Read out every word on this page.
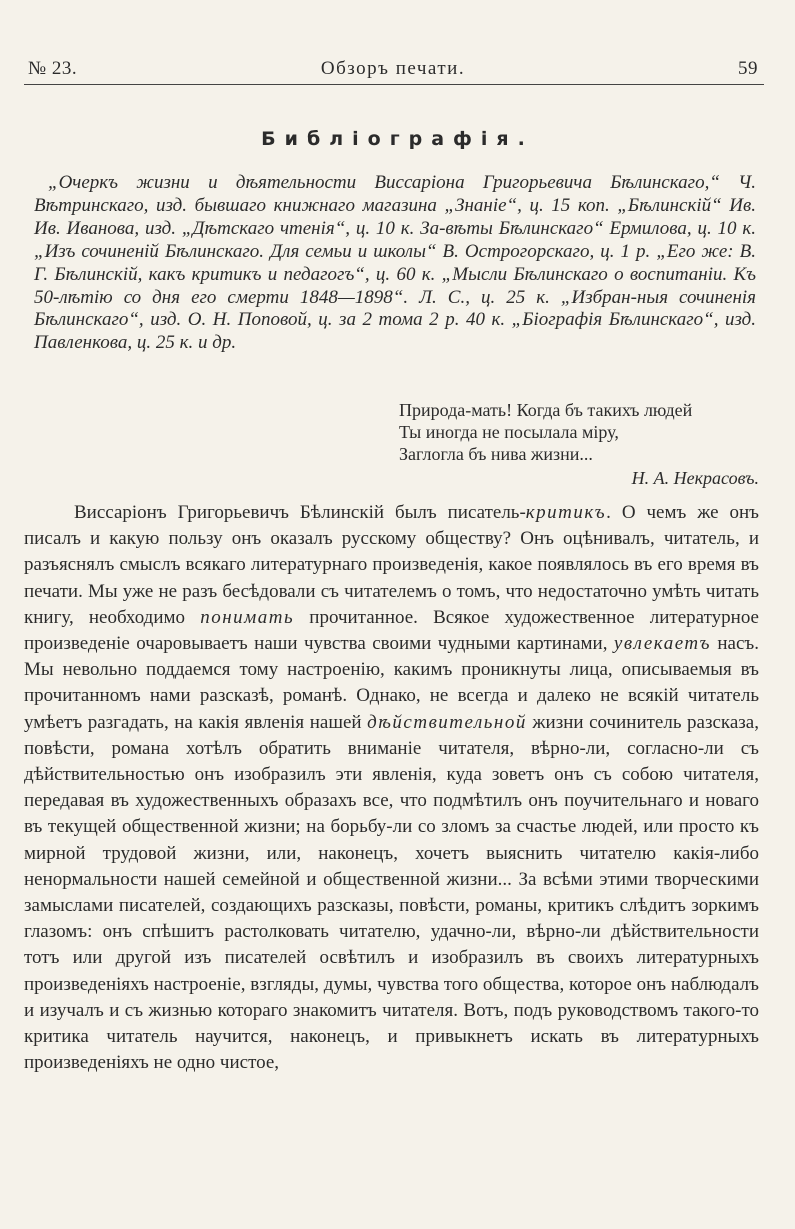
№ 23.	Обзоръ печати.	59
Библіографія.

„Очеркъ жизни и дѣятельности Виссаріона Григорьевича Бѣлинскаго,“ Ч. Вѣтринскаго, изд. бывшаго книжнаго магазина „Знаніе“, ц. 15 коп. „Бѣлинскій“ Ив. Ив. Иванова, изд. „Дѣтскаго чтенія“, ц. 10 к. За-вѣты Бѣлинскаго“ Ермилова, ц. 10 к. „Изъ сочиненій Бѣлинскаго. Для семьи и школы“ В. Острогорскаго, ц. 1 р. „Его же: В. Г. Бѣлинскій, какъ критикъ и педагогъ“, ц. 60 к. „Мысли Бѣлинскаго о воспитаніи. Къ 50-лѣтію со дня его смерти 1848—1898“. Л. С., ц. 25 к. „Избран-ныя сочиненія Бѣлинскаго“, изд. О. Н. Поповой, ц. за 2 тома 2 р. 40 к. „Біографія Бѣлинскаго“, изд. Павленкова, ц. 25 к. и др.

Природа-мать! Когда бъ такихъ людей
Ты иногда не посылала міру,
Заглогла бъ нива жизни...
Н. А. Некрасовъ.

Виссаріонъ Григорьевичъ Бѣлинскій былъ писатель-критикъ. О чемъ же онъ писалъ и какую пользу онъ оказалъ русскому обществу? Онъ оцѣнивалъ, читатель, и разъяснялъ смыслъ всякаго литературнаго произведенія, какое появлялось въ его время въ печати. Мы уже не разъ бесѣдовали съ читателемъ о томъ, что недостаточно умѣть читать книгу, необходимо понимать прочитанное. Всякое художественное литературное произведеніе очаровываетъ наши чувства своими чудными картинами, увлекаетъ насъ. Мы невольно поддаемся тому настроенію, какимъ проникнуты лица, описываемыя въ прочитанномъ нами разсказѣ, романѣ. Однако, не всегда и далеко не всякій читатель умѣетъ разгадать, на какія явленія нашей дѣйствительной жизни сочинитель разсказа, повѣсти, романа хотѣлъ обратить вниманіе читателя, вѣрно-ли, согласно-ли съ дѣйствительностью онъ изобразилъ эти явленія, куда зоветъ онъ съ собою читателя, передавая въ художественныхъ образахъ все, что подмѣтилъ онъ поучительнаго и новаго въ текущей общественной жизни; на борьбу-ли со зломъ за счастье людей, или просто къ мирной трудовой жизни, или, наконецъ, хочетъ выяснить читателю какія-либо ненормальности нашей семейной и общественной жизни... За всѣми этими творческими замыслами писателей, создающихъ разсказы, повѣсти, романы, критикъ слѣдитъ зоркимъ глазомъ: онъ спѣшитъ растолковать читателю, удачно-ли, вѣрно-ли дѣйствительности тотъ или другой изъ писателей освѣтилъ и изобразилъ въ своихъ литературныхъ произведеніяхъ настроеніе, взгляды, думы, чувства того общества, которое онъ наблюдалъ и изучалъ и съ жизнью котораго знакомитъ читателя. Вотъ, подъ руководствомъ такого-то критика читатель научится, наконецъ, и привыкнетъ искать въ литературныхъ произведеніяхъ не одно чистое,
